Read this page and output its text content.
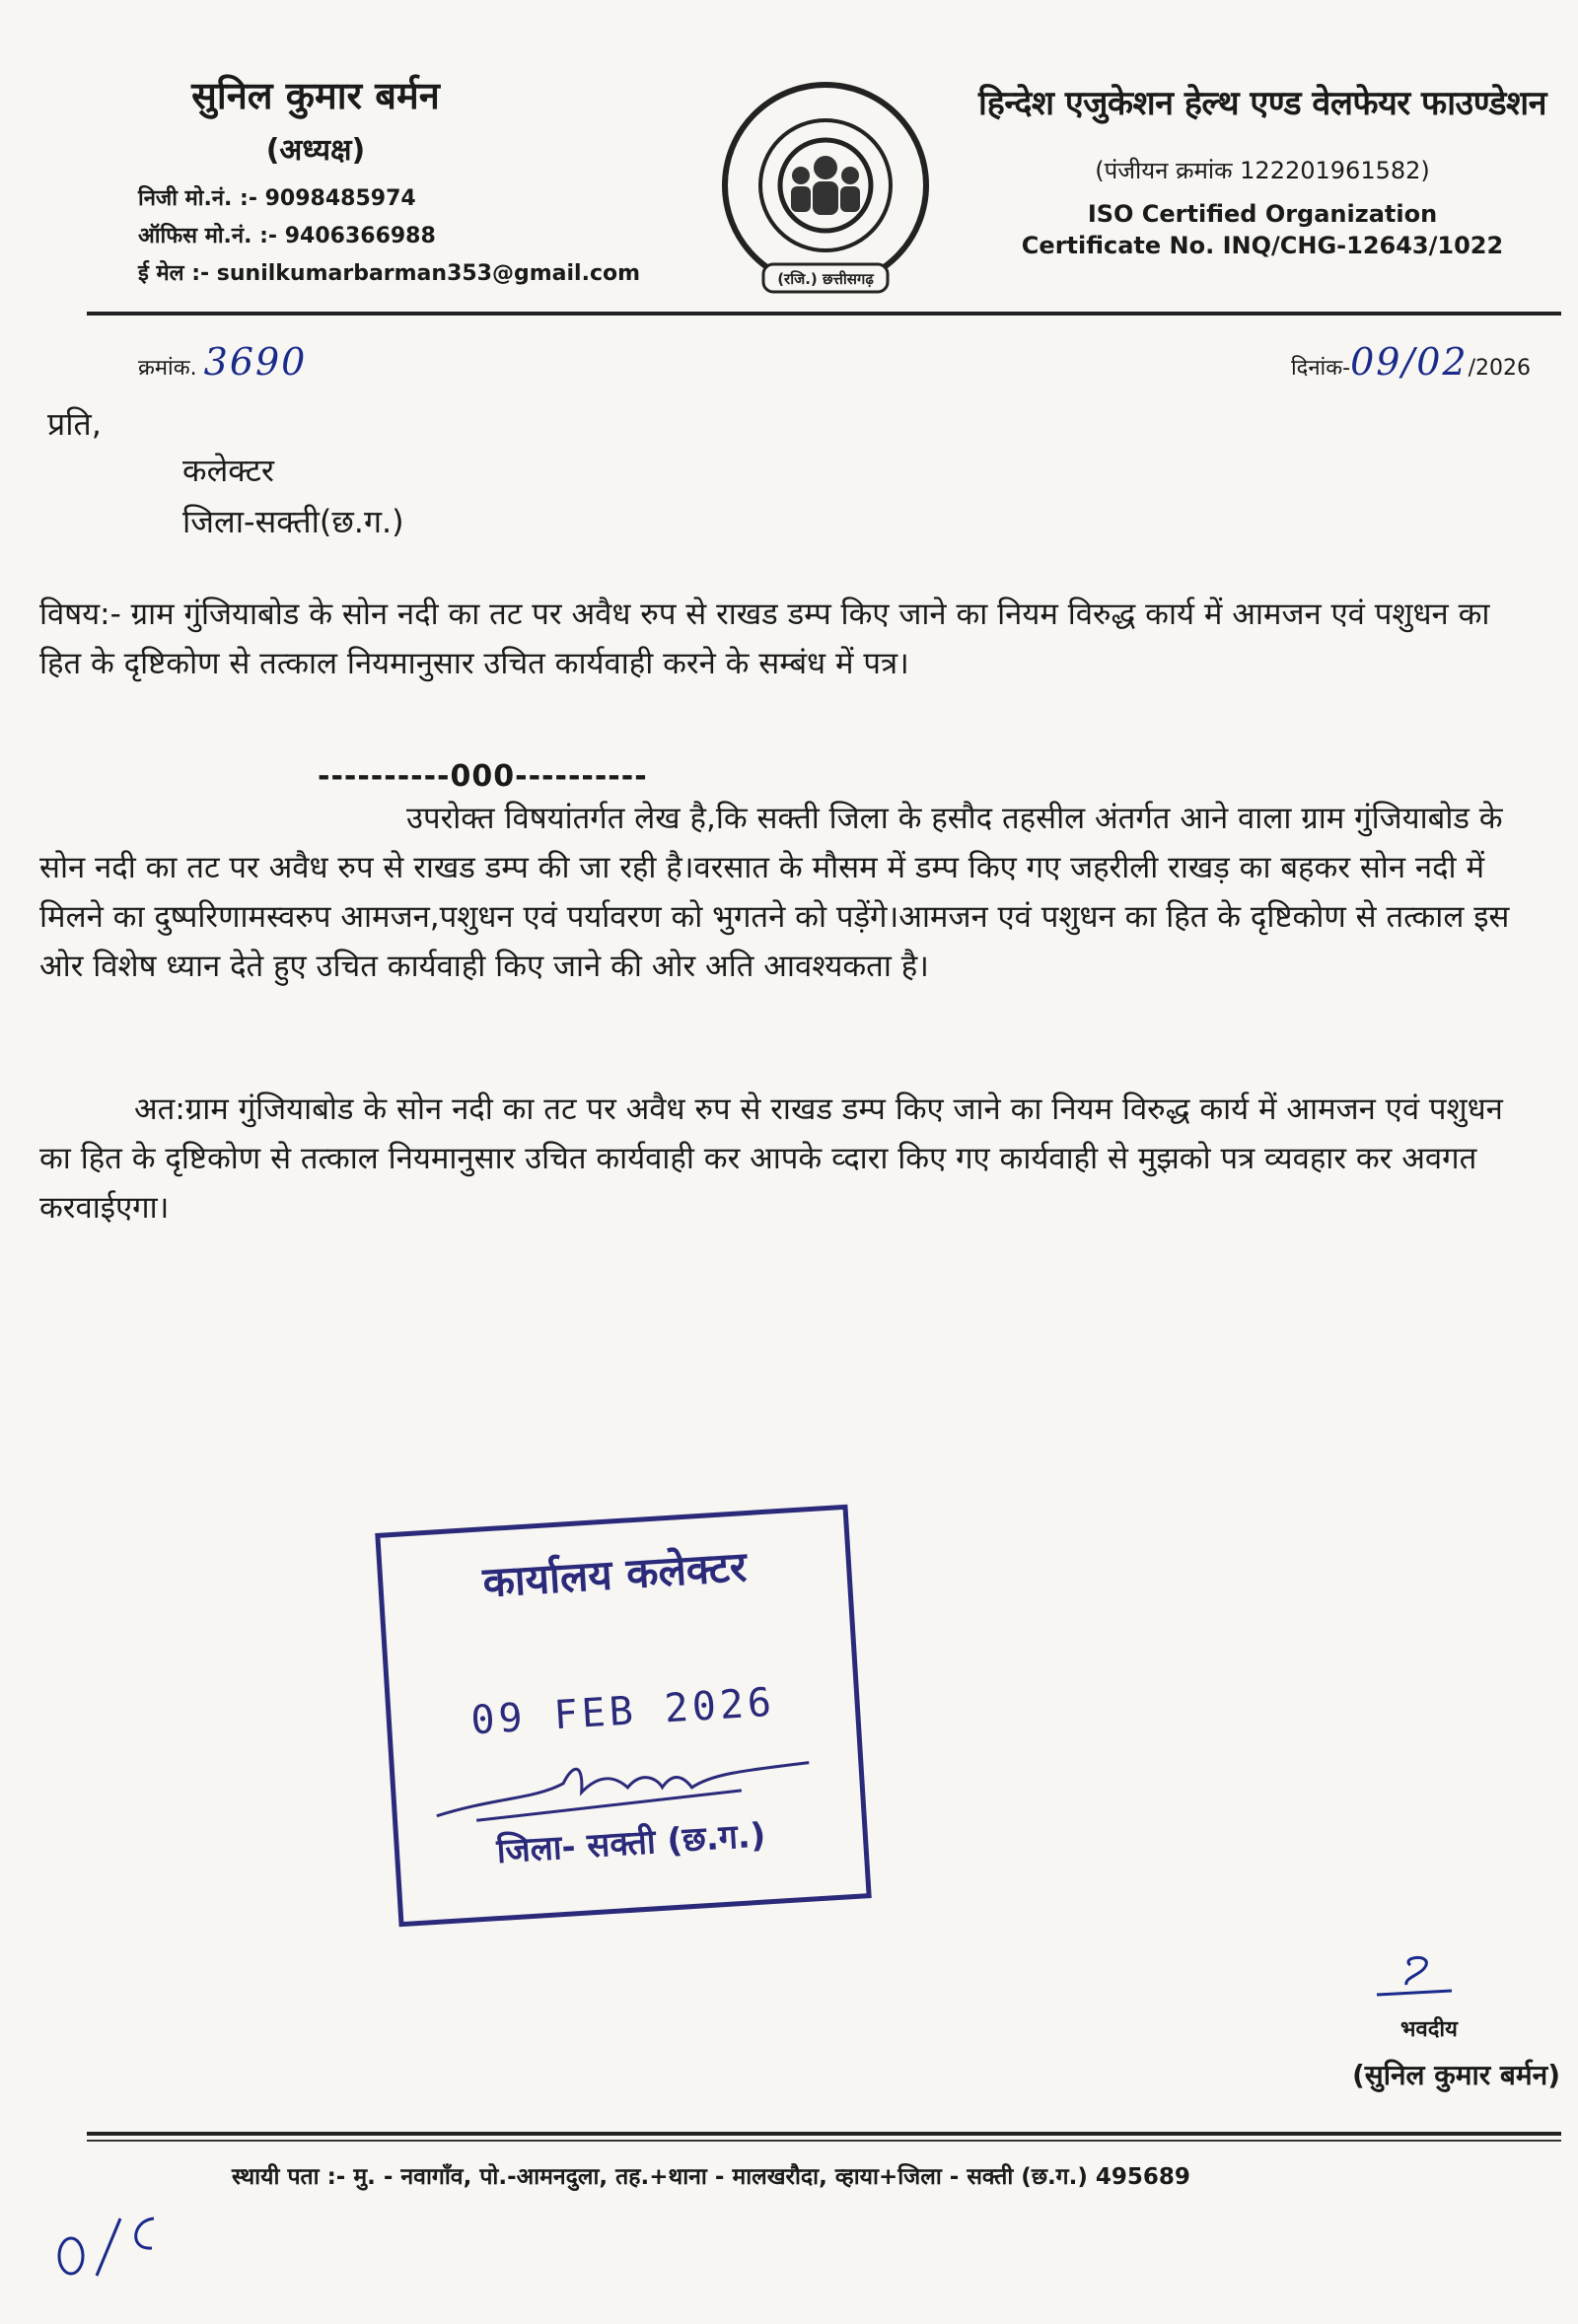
सुनिल कुमार बर्मन
(अध्यक्ष)
निजी मो.नं. :- 9098485974
ऑफिस मो.नं. :- 9406366988
ई मेल :- sunilkumarbarman353@gmail.com	(रजि.) छत्तीसगढ़
हिन्देश एजुकेशन हेल्थ एण्ड वेलफेयर फाउण्डेशन
(पंजीयन क्रमांक 122201961582)
ISO Certified Organization
Certificate No. INQ/CHG-12643/1022
क्रमांक. 3690	दिनांक-09/02/2026
प्रति,
कलेक्टर
जिला-सक्ती(छ.ग.)
विषय:- ग्राम गुंजियाबोड के सोन नदी का तट पर अवैध रुप से राखड डम्प किए जाने का नियम विरुद्ध कार्य में आमजन एवं पशुधन का हित के दृष्टिकोण से तत्काल नियमानुसार उचित कार्यवाही करने के सम्बंध में पत्र।
----------000----------
उपरोक्त विषयांतर्गत लेख है,कि सक्ती जिला के हसौद तहसील अंतर्गत आने वाला ग्राम गुंजियाबोड के सोन नदी का तट पर अवैध रुप से राखड डम्प की जा रही है।वरसात के मौसम में डम्प किए गए जहरीली राखड़ का बहकर सोन नदी में मिलने का दुष्परिणामस्वरुप आमजन,पशुधन एवं पर्यावरण को भुगतने को पड़ेंगे।आमजन एवं पशुधन का हित के दृष्टिकोण से तत्काल इस ओर विशेष ध्यान देते हुए उचित कार्यवाही किए जाने की ओर अति आवश्यकता है।
अत:ग्राम गुंजियाबोड के सोन नदी का तट पर अवैध रुप से राखड डम्प किए जाने का नियम विरुद्ध कार्य में आमजन एवं पशुधन का हित के दृष्टिकोण से तत्काल नियमानुसार उचित कार्यवाही कर आपके व्दारा किए गए कार्यवाही से मुझको पत्र व्यवहार कर अवगत करवाईएगा।
कार्यालय कलेक्टर
09 FEB 2026
जिला- सक्ती (छ.ग.)
भवदीय
(सुनिल कुमार बर्मन)
स्थायी पता :- मु. - नवागाँव, पो.-आमनदुला, तह.+थाना - मालखरौदा, व्हाया+जिला - सक्ती (छ.ग.) 495689
